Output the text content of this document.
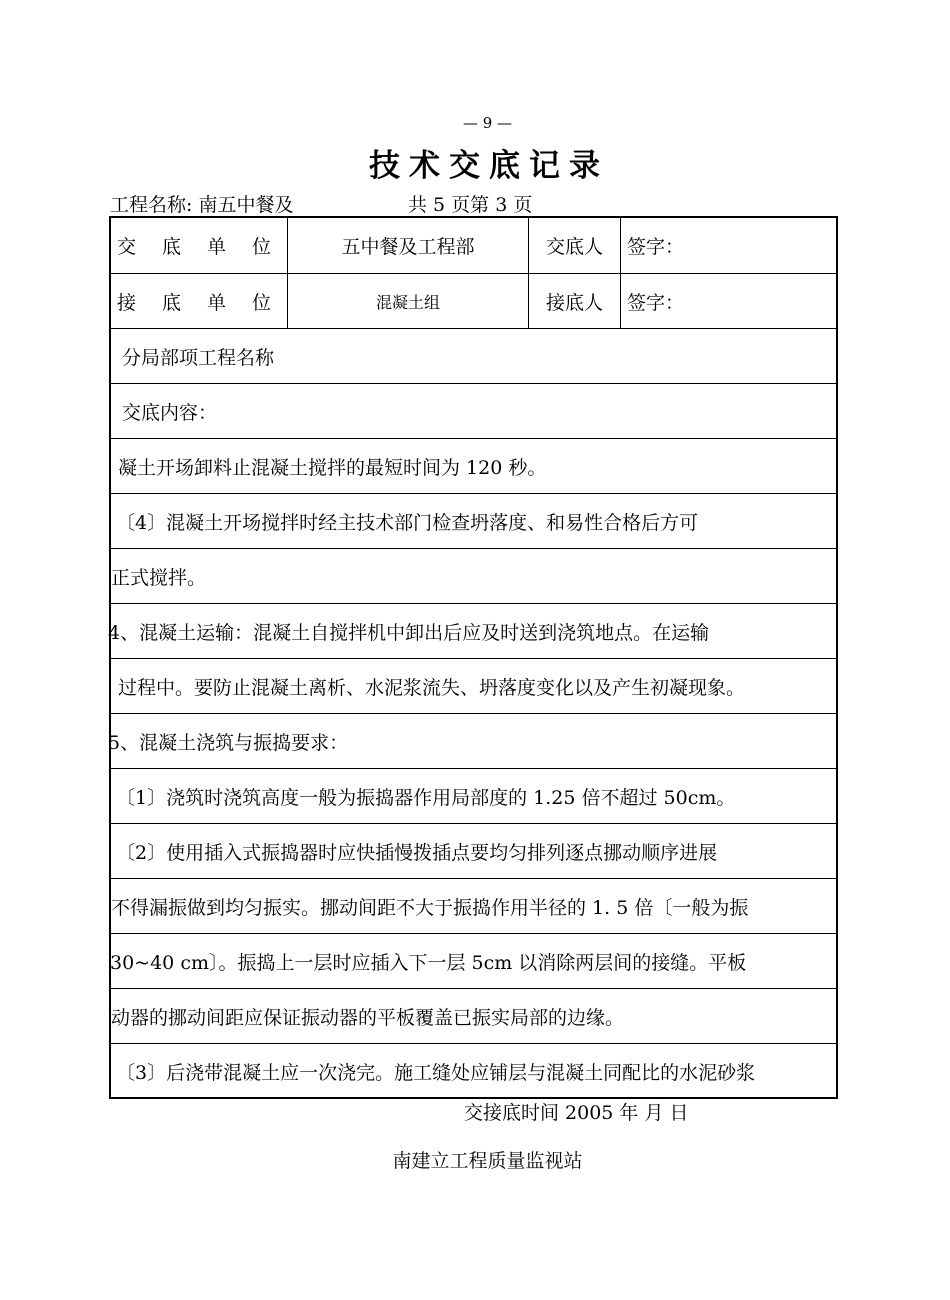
— 9 —
技术交底记录
工程名称: 南五中餐及	共 5 页第 3 页
交 底 单 位	五中餐及工程部	交底人	签字：
接 底 单 位	混凝土组	接底人	签字：
分局部项工程名称
交底内容：
凝土开场卸料止混凝土搅拌的最短时间为 120 秒。
〔4〕混凝土开场搅拌时经主技术部门检查坍落度、和易性合格后方可
正式搅拌。
4、混凝土运输：混凝土自搅拌机中卸出后应及时送到浇筑地点。在运输
过程中。要防止混凝土离析、水泥浆流失、坍落度变化以及产生初凝现象。
5、混凝土浇筑与振捣要求：
〔1〕浇筑时浇筑高度一般为振捣器作用局部度的 1.25 倍不超过 50cm。
〔2〕使用插入式振捣器时应快插慢拨插点要均匀排列逐点挪动顺序进展
不得漏振做到均匀振实。挪动间距不大于振捣作用半径的 1. 5 倍〔一般为振
30~40 cm〕。振捣上一层时应插入下一层 5cm 以消除两层间的接缝。平板
动器的挪动间距应保证振动器的平板覆盖已振实局部的边缘。
〔3〕后浇带混凝土应一次浇完。施工缝处应铺层与混凝土同配比的水泥砂浆
交接底时间 2005 年 月 日
南建立工程质量监视站
